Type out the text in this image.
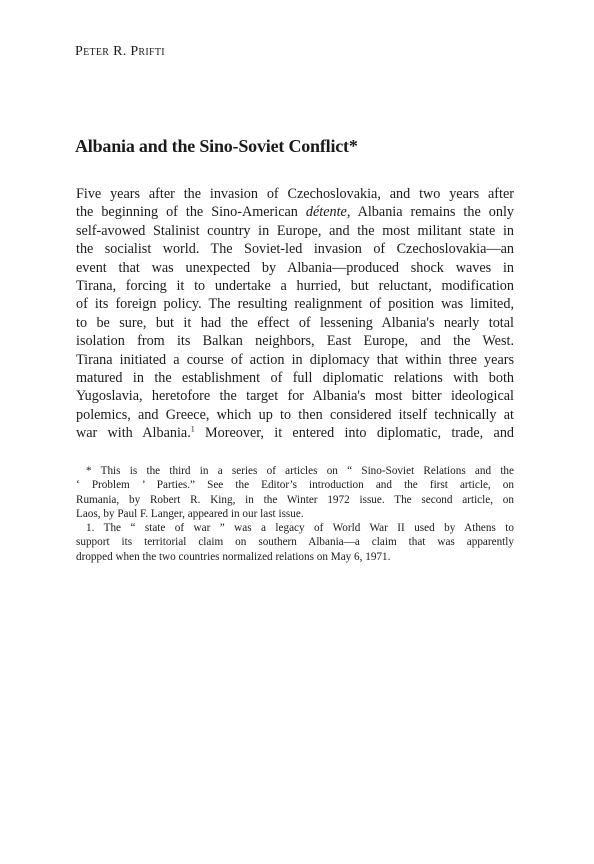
Peter R. Prifti
Albania and the Sino-Soviet Conflict*
Five years after the invasion of Czechoslovakia, and two years after
the beginning of the Sino-American détente, Albania remains the only
self-avowed Stalinist country in Europe, and the most militant state in
the socialist world. The Soviet-led invasion of Czechoslovakia—an
event that was unexpected by Albania—produced shock waves in
Tirana, forcing it to undertake a hurried, but reluctant, modification
of its foreign policy. The resulting realignment of position was limited,
to be sure, but it had the effect of lessening Albania's nearly total
isolation from its Balkan neighbors, East Europe, and the West.
Tirana initiated a course of action in diplomacy that within three years
matured in the establishment of full diplomatic relations with both
Yugoslavia, heretofore the target for Albania's most bitter ideological
polemics, and Greece, which up to then considered itself technically at
war with Albania.$^1$ Moreover, it entered into diplomatic, trade, and
* This is the third in a series of articles on “ Sino-Soviet Relations and the
‘ Problem ’ Parties.” See the Editor’s introduction and the first article, on
Rumania, by Robert R. King, in the Winter 1972 issue. The second article, on
Laos, by Paul F. Langer, appeared in our last issue.
1. The “ state of war ” was a legacy of World War II used by Athens to
support its territorial claim on southern Albania—a claim that was apparently
dropped when the two countries normalized relations on May 6, 1971.
